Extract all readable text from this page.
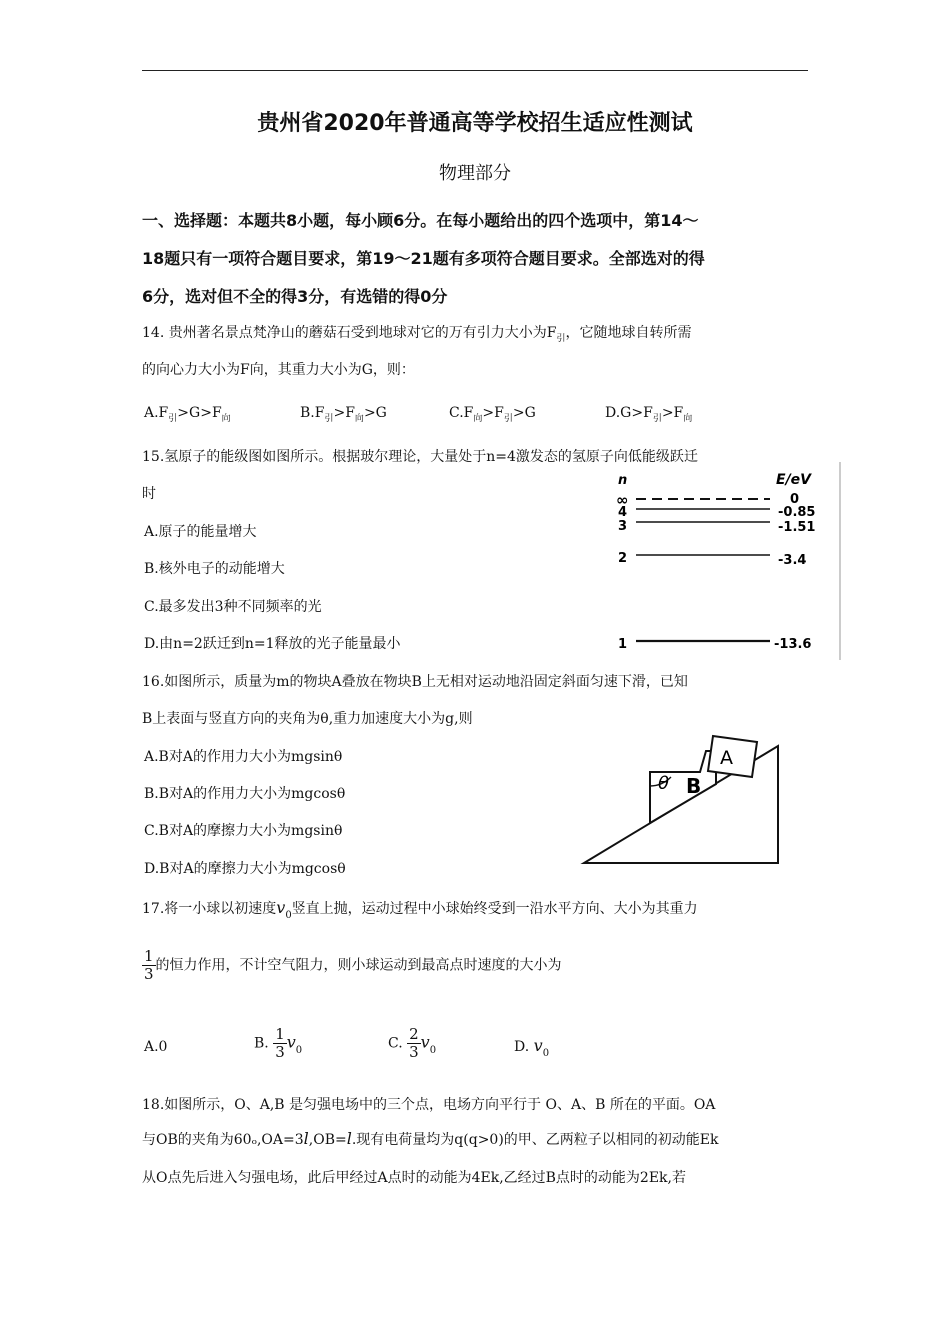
贵州省2020年普通高等学校招生适应性测试
物理部分
一、选择题：本题共8小题，每小顾6分。在每小题给出的四个选项中，第14～
18题只有一项符合题目要求，第19～21题有多项符合题目要求。全部选对的得
6分，选对但不全的得3分，有选错的得0分
14. 贵州著名景点梵净山的蘑菇石受到地球对它的万有引力大小为$F_引$，它随地球自转所需
的向心力大小为F向，其重力大小为G，则：
$A.F_引>G>F_向$	$B.F_引>F_向>G$	$C.F_向>F_引>G$	$D.G>F_引>F_向$
15.氢原子的能级图如图所示。根据玻尔理论，大量处于n=4激发态的氢原子向低能级跃迁
时
A.原子的能量增大
B.核外电子的动能增大
C.最多发出3种不同频率的光
D.由n=2跃迁到n=1释放的光子能量最小
n	E/eV
∞
4
3
2
1
0
-0.85
-1.51
-3.4
-13.6
16.如图所示，质量为m的物块A叠放在物块B上无相对运动地沿固定斜面匀速下滑，已知
B上表面与竖直方向的夹角为θ,重力加速度大小为g,则
A.B对A的作用力大小为mgsinθ
B.B对A的作用力大小为mgcosθ
C.B对A的摩擦力大小为mgsinθ
D.B对A的摩擦力大小为mgcosθ
A
B
θ
17.将一小球以初速度$v_0$竖直上抛，运动过程中小球始终受到一沿水平方向、大小为其重力
$\frac{1}{3}$ 的恒力作用，不计空气阻力，则小球运动到最高点时速度的大小为
A.0	B. $\frac{1}{3} v_0$	C. $\frac{2}{3} v_0$	D. $v_0$
18.如图所示，O、A,B 是匀强电场中的三个点，电场方向平行于 O、A、B 所在的平面。OA
与OB的夹角为60ₒ,OA=3l,OB=l.现有电荷量均为q(q>0)的甲、乙两粒子以相同的初动能Ek
从O点先后进入匀强电场，此后甲经过A点时的动能为4Ek,乙经过B点时的动能为2Ek,若
